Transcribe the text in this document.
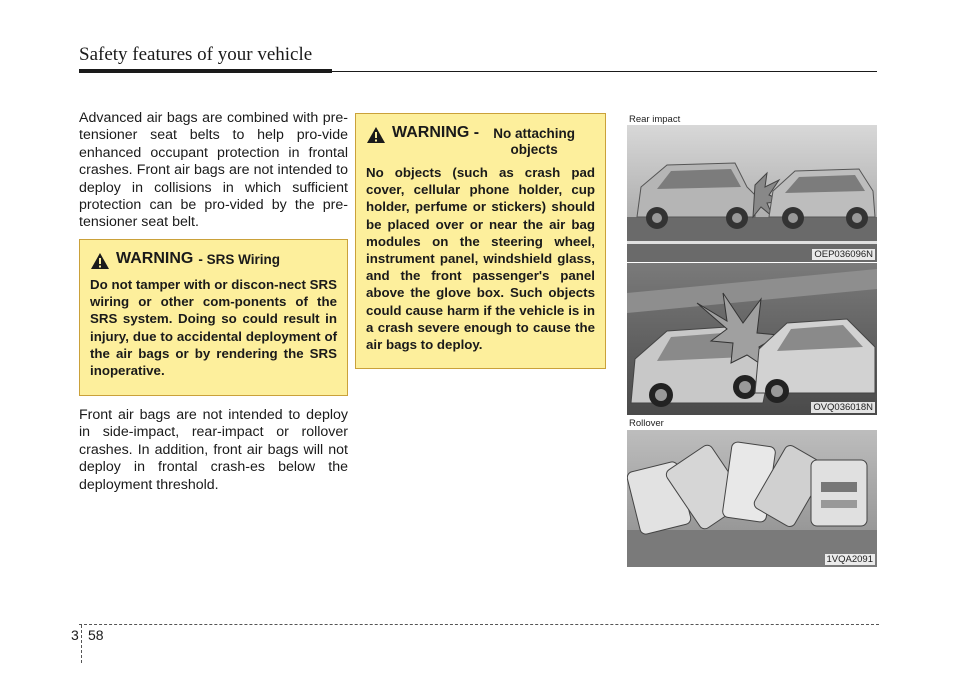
Safety features of your vehicle

Advanced air bags are combined with pre-tensioner seat belts to help pro-vide enhanced occupant protection in frontal crashes. Front air bags are not intended to deploy in collisions in which sufficient protection can be pro-vided by the pre-tensioner seat belt.

WARNING - SRS Wiring

Do not tamper with or discon-nect SRS wiring or other com-ponents of the SRS system. Doing so could result in injury, due to accidental deployment of the air bags or by rendering the SRS inoperative.

Front air bags are not intended to deploy in side-impact, rear-impact or rollover crashes. In addition, front air bags will not deploy in frontal crash-es below the deployment threshold.

WARNING -	No attaching objects

No objects (such as crash pad cover, cellular phone holder, cup holder, perfume or stickers) should be placed over or near the air bag modules on the steering wheel, instrument panel, windshield glass, and the front passenger's panel above the glove box. Such objects could cause harm if the vehicle is in a crash severe enough to cause the air bags to deploy.

Rear impact
OEP036096N
OVQ036018N
Rollover
1VQA2091
3 58
